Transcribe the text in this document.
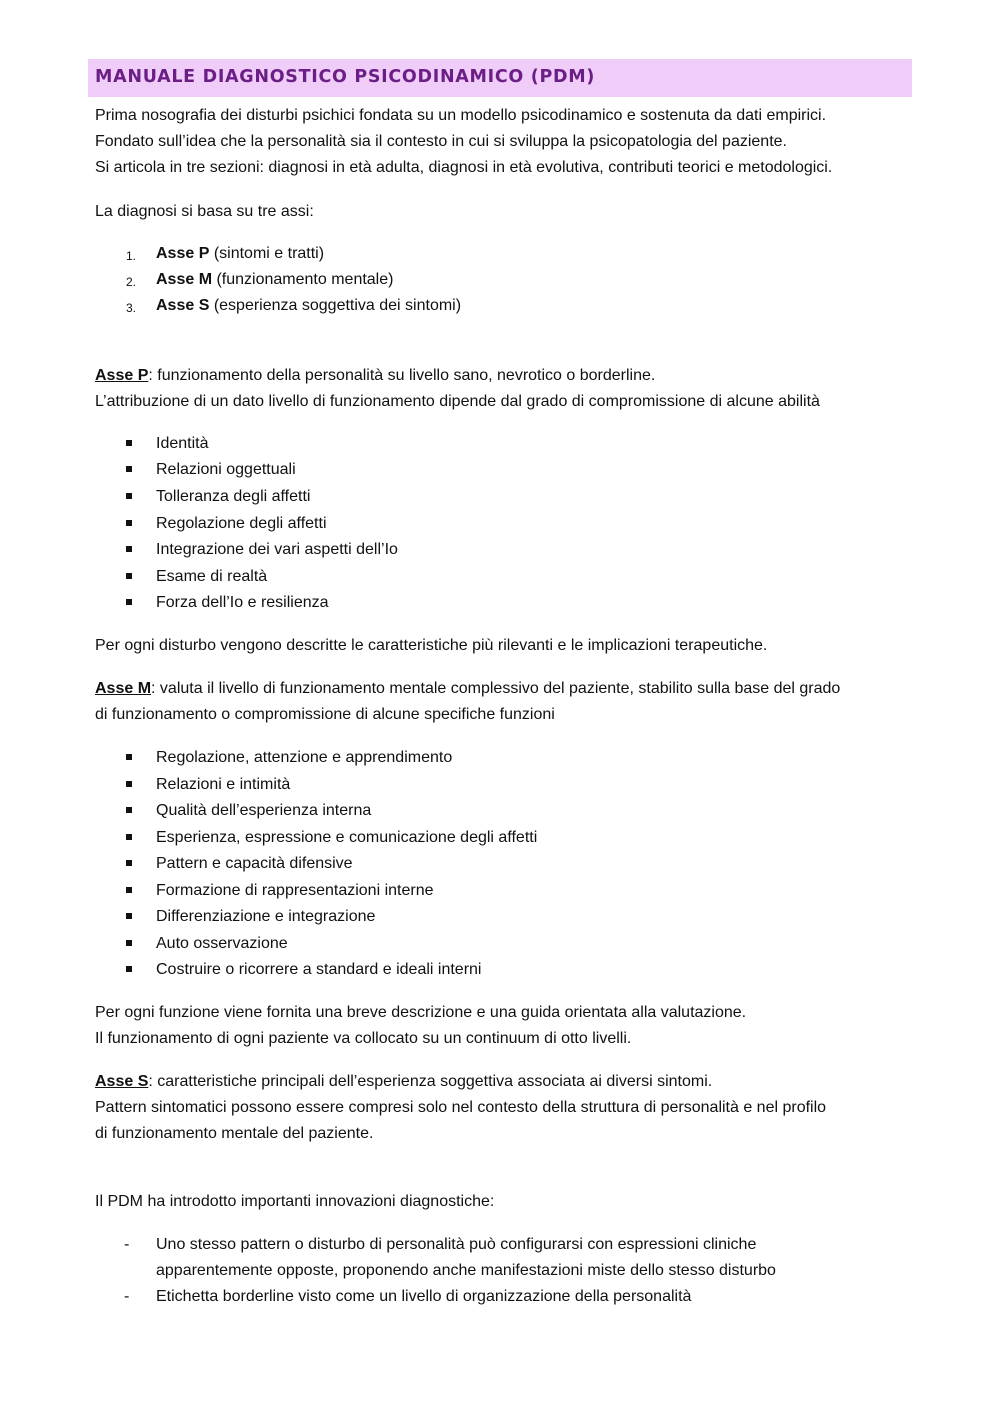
MANUALE DIAGNOSTICO PSICODINAMICO (PDM)
Prima nosografia dei disturbi psichici fondata su un modello psicodinamico e sostenuta da dati empirici.
Fondato sull’idea che la personalità sia il contesto in cui si sviluppa la psicopatologia del paziente.
Si articola in tre sezioni: diagnosi in età adulta, diagnosi in età evolutiva, contributi teorici e metodologici.
La diagnosi si basa su tre assi:
1. Asse P (sintomi e tratti)
2. Asse M (funzionamento mentale)
3. Asse S (esperienza soggettiva dei sintomi)
Asse P: funzionamento della personalità su livello sano, nevrotico o borderline.
L’attribuzione di un dato livello di funzionamento dipende dal grado di compromissione di alcune abilità
Identità
Relazioni oggettuali
Tolleranza degli affetti
Regolazione degli affetti
Integrazione dei vari aspetti dell’Io
Esame di realtà
Forza dell’Io e resilienza
Per ogni disturbo vengono descritte le caratteristiche più rilevanti e le implicazioni terapeutiche.
Asse M: valuta il livello di funzionamento mentale complessivo del paziente, stabilito sulla base del grado
di funzionamento o compromissione di alcune specifiche funzioni
Regolazione, attenzione e apprendimento
Relazioni e intimità
Qualità dell’esperienza interna
Esperienza, espressione e comunicazione degli affetti
Pattern e capacità difensive
Formazione di rappresentazioni interne
Differenziazione e integrazione
Auto osservazione
Costruire o ricorrere a standard e ideali interni
Per ogni funzione viene fornita una breve descrizione e una guida orientata alla valutazione.
Il funzionamento di ogni paziente va collocato su un continuum di otto livelli.
Asse S: caratteristiche principali dell’esperienza soggettiva associata ai diversi sintomi.
Pattern sintomatici possono essere compresi solo nel contesto della struttura di personalità e nel profilo
di funzionamento mentale del paziente.
Il PDM ha introdotto importanti innovazioni diagnostiche:
- Uno stesso pattern o disturbo di personalità può configurarsi con espressioni cliniche
apparentemente opposte, proponendo anche manifestazioni miste dello stesso disturbo
- Etichetta borderline visto come un livello di organizzazione della personalità
